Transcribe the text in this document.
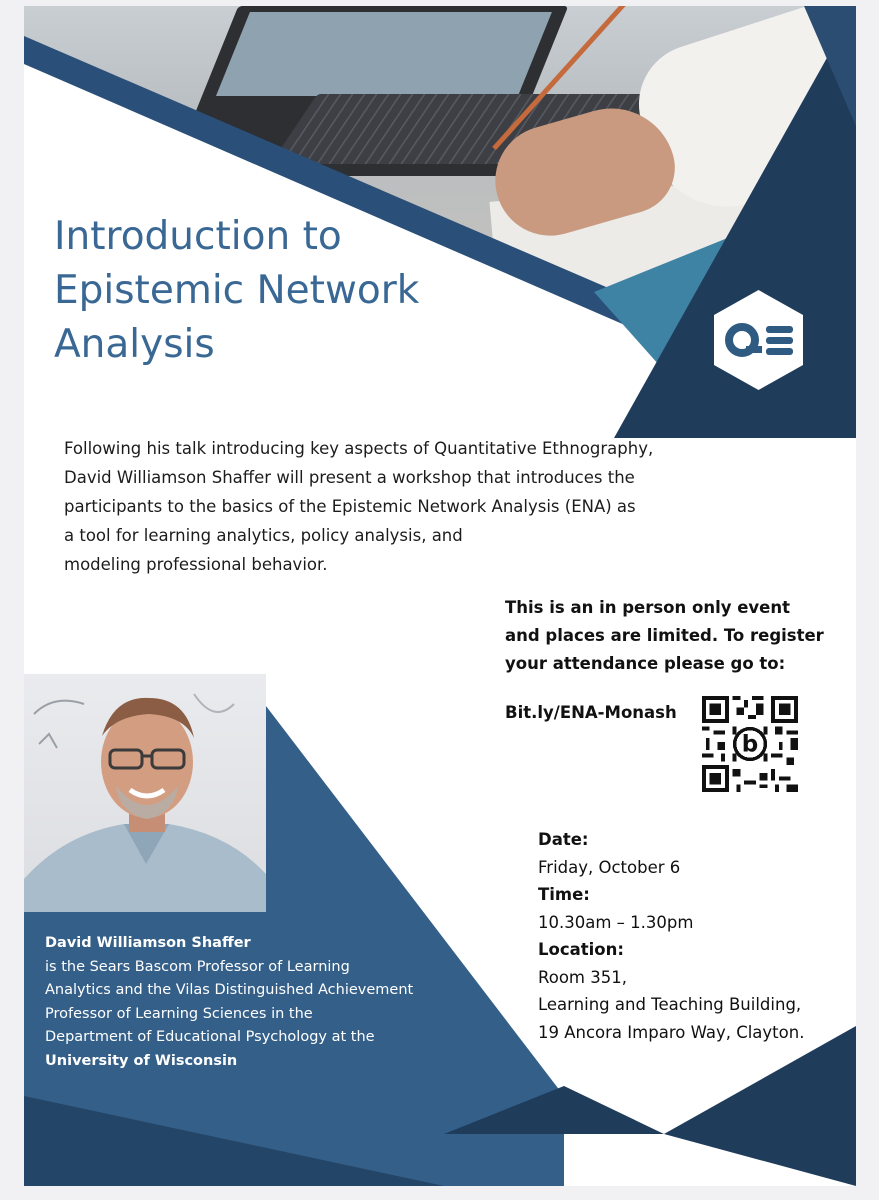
Introduction to
Epistemic Network
Analysis
Following his talk introducing key aspects of Quantitative Ethnography,
David Williamson Shaffer will present a workshop that introduces the
participants to the basics of the Epistemic Network Analysis (ENA) as
a tool for learning analytics, policy analysis, and
modeling professional behavior.
This is an in person only event
and places are limited. To register
your attendance please go to:
Bit.ly/ENA-Monash
b
David Williamson Shaffer
is the Sears Bascom Professor of Learning
Analytics and the Vilas Distinguished Achievement
Professor of Learning Sciences in the
Department of Educational Psychology at the
University of Wisconsin
Date:
Friday, October 6
Time:
10.30am – 1.30pm
Location:
Room 351,
Learning and Teaching Building,
19 Ancora Imparo Way, Clayton.
